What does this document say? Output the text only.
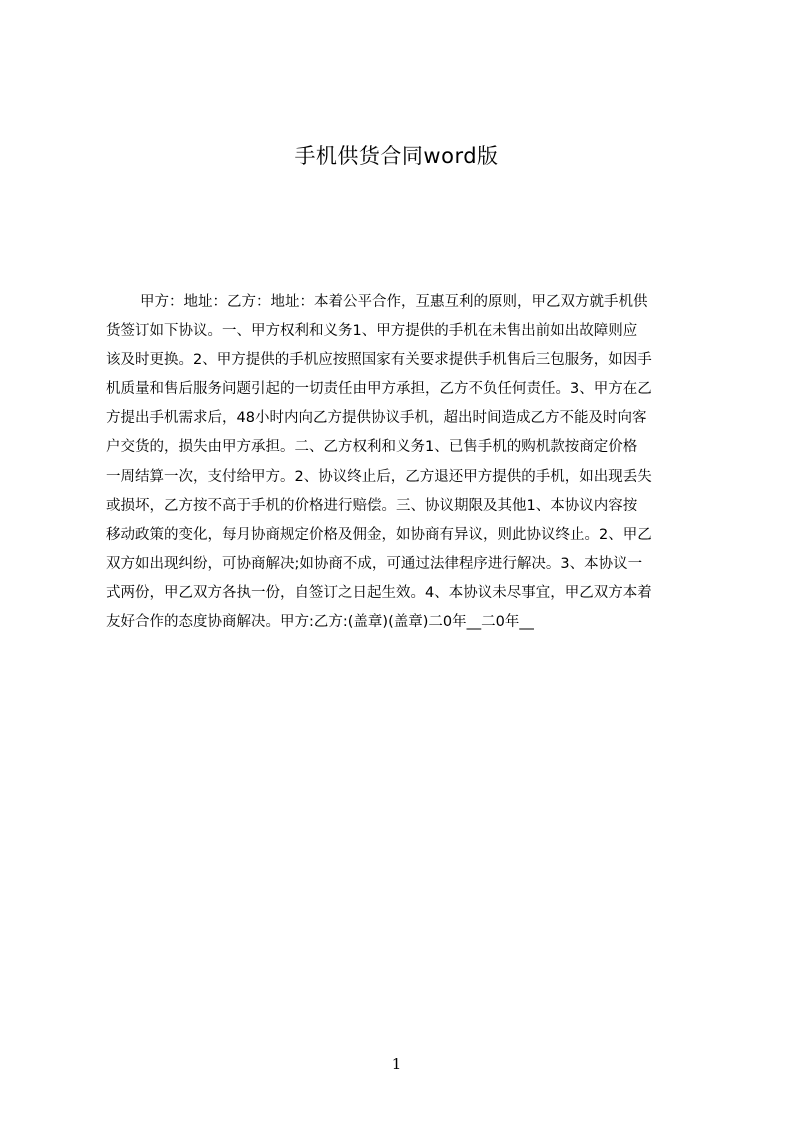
手机供货合同word版
甲方：地址：乙方：地址：本着公平合作，互惠互利的原则，甲乙双方就手机供
货签订如下协议。一、甲方权利和义务1、甲方提供的手机在未售出前如出故障则应
该及时更换。2、甲方提供的手机应按照国家有关要求提供手机售后三包服务，如因手
机质量和售后服务问题引起的一切责任由甲方承担，乙方不负任何责任。3、甲方在乙
方提出手机需求后，48小时内向乙方提供协议手机，超出时间造成乙方不能及时向客
户交货的，损失由甲方承担。二、乙方权利和义务1、已售手机的购机款按商定价格
一周结算一次，支付给甲方。2、协议终止后，乙方退还甲方提供的手机，如出现丢失
或损坏，乙方按不高于手机的价格进行赔偿。三、协议期限及其他1、本协议内容按
移动政策的变化，每月协商规定价格及佣金，如协商有异议，则此协议终止。2、甲乙
双方如出现纠纷，可协商解决;如协商不成，可通过法律程序进行解决。3、本协议一
式两份，甲乙双方各执一份，自签订之日起生效。4、本协议未尽事宜，甲乙双方本着
友好合作的态度协商解决。甲方:乙方:(盖章)(盖章)二0年__二0年__
1
